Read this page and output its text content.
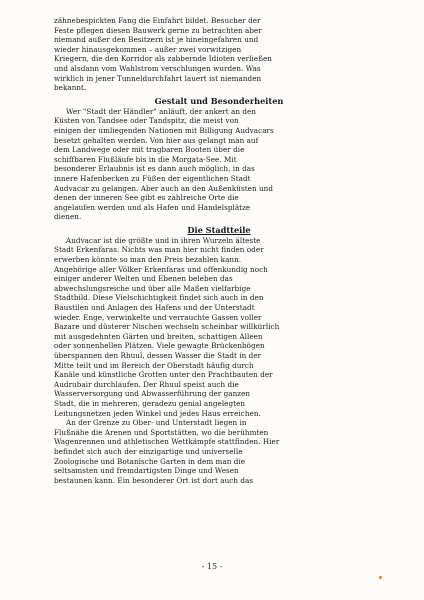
zähnebespickten Fang die Einfahrt bildet. Besucher der
Feste pflegen diesen Bauwerk gerne zu betrachten aber
niemand außer den Besitzern ist je hineingefahren und
wieder hinausgekommen – außer zwei vorwitzigen
Kriegern, die den Korridor als zabbernde Idioten verließen
und alsdann vom Wahlstrom verschlungen wurden. Was
wirklich in jener Tunneldurchfahrt lauert ist niemanden
bekannt.

Gestalt und Besonderheiten

Wer "Stadt der Händler" anläuft, der ankert an den
Küsten von Tandsee oder Tandspitz, die meist von
einigen der umliegenden Nationen mit Billigung Audvacars
besetzt gehalten werden. Von hier aus gelangt man auf
dem Landwege oder mit tragbaren Booten über die
schiffbaren Flußläufe bis in die Morgata-See. Mit
besonderer Erlaubnis ist es dann auch möglich, in das
innere Hafenbecken zu Füßen der eigentlichen Stadt
Audvacar zu gelangen. Aber auch an den Außenküsten und
denen der inneren See gibt es zahlreiche Orte die
angelaufen werden und als Hafen und Handelsplätze
dienen.

Die Stadtteile

Audvacar ist die größte und in ihren Wurzeln älteste
Stadt Erkenfaras. Nichts was man hier nicht finden oder
erwerben könnte so man den Preis bezahlen kann.
Angehörige aller Völker Erkenfaras und offenkundig noch
einiger anderer Welten und Ebenen beleben das
abwechslungsreiche und über alle Maßen vielfarbige
Stadtbild. Diese Vielschichtigkeit findet sich auch in den
Baustilen und Anlagen des Hafens und der Unterstadt
wieder. Enge, verwinkelte und verrauchte Gassen voller
Bazare und düsterer Nischen wechseln scheinbar willkürlich
mit ausgedehnten Gärten und breiten, schattigen Alleen
oder sonnenhellen Plätzen. Viele gewagte Brückenbögen
überspannen den Rhuul, dessen Wasser die Stadt in der
Mitte teilt und im Bereich der Oberstadt häufig durch
Kanäle und künstliche Grotten unter den Prachtbauten der
Audrubair durchlaufen. Der Rhuul speist auch die
Wasserversorgung und Abwasserführung der ganzen
Stadt, die in mehreren, geradezu genial angelegten
Leitungsnetzen jeden Winkel und jedes Haus erreichen.

An der Grenze zu Ober- und Unterstadt liegen in
Flußnähe die Arenen und Sportstätten, wo die berühmten
Wagenrennen und athletischen Wettkämpfe stattfinden. Hier
befindet sich auch der einzigartige und universelle
Zoologische und Botanische Garten in dem man die
seltsamsten und fremdartigsten Dinge und Wesen
bestaunen kann. Ein besonderer Ort ist dort auch das

- 15 -
